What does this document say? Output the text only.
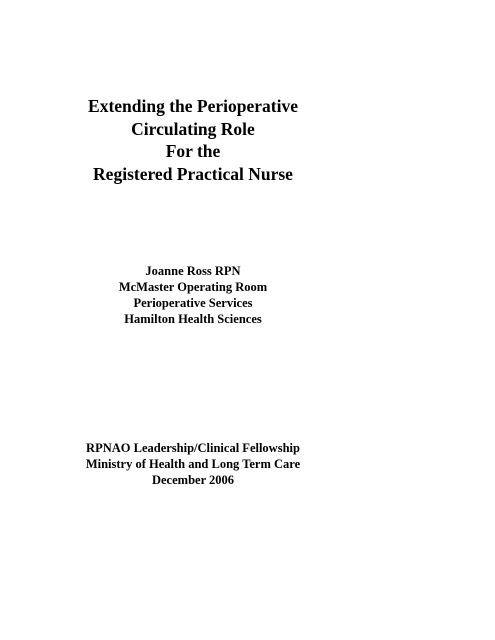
Extending the Perioperative
Circulating Role
For the
Registered Practical Nurse
Joanne Ross RPN
McMaster Operating Room
Perioperative Services
Hamilton Health Sciences
RPNAO Leadership/Clinical Fellowship
Ministry of Health and Long Term Care
December 2006
